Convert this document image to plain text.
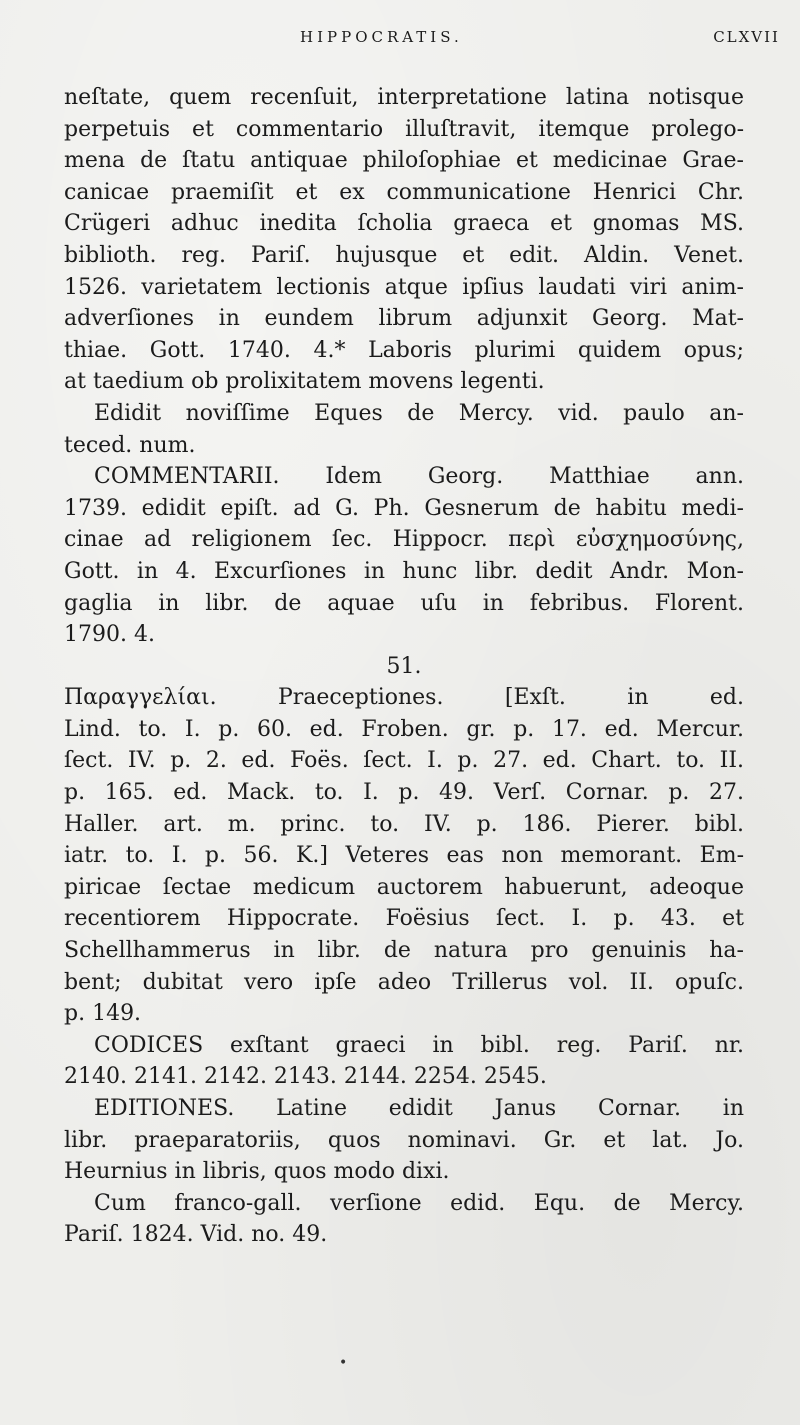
HIPPOCRATIS.	CLXVII
neſtate, quem recenſuit, interpretatione latina notisque
perpetuis et commentario illuſtravit, itemque prolego-
mena de ſtatu antiquae philoſophiae et medicinae Grae-
canicae praemiſit et ex communicatione Henrici Chr.
Crügeri adhuc inedita ſcholia graeca et gnomas MS.
biblioth. reg. Pariſ. hujusque et edit. Aldin. Venet.
1526. varietatem lectionis atque ipſius laudati viri anim-
adverſiones in eundem librum adjunxit Georg. Mat-
thiae. Gott. 1740. 4.* Laboris plurimi quidem opus;
at taedium ob prolixitatem movens legenti.
Edidit noviſſime Eques de Mercy. vid. paulo an-
teced. num.
COMMENTARII. Idem Georg. Matthiae ann.
1739. edidit epiſt. ad G. Ph. Gesnerum de habitu medi-
cinae ad religionem ſec. Hippocr. περὶ εὐσχημοσύνης,
Gott. in 4. Excurſiones in hunc libr. dedit Andr. Mon-
gaglia in libr. de aquae uſu in febribus. Florent.
1790. 4.
51.
Παραγγελίαι. Praeceptiones. [Exſt. in ed.
Lind. to. I. p. 60. ed. Froben. gr. p. 17. ed. Mercur.
ſect. IV. p. 2. ed. Foës. ſect. I. p. 27. ed. Chart. to. II.
p. 165. ed. Mack. to. I. p. 49. Verſ. Cornar. p. 27.
Haller. art. m. princ. to. IV. p. 186. Pierer. bibl.
iatr. to. I. p. 56. K.] Veteres eas non memorant. Em-
piricae ſectae medicum auctorem habuerunt, adeoque
recentiorem Hippocrate. Foësius ſect. I. p. 43. et
Schellhammerus in libr. de natura pro genuinis ha-
bent; dubitat vero ipſe adeo Trillerus vol. II. opuſc.
p. 149.
CODICES exſtant graeci in bibl. reg. Pariſ. nr.
2140. 2141. 2142. 2143. 2144. 2254. 2545.
EDITIONES. Latine edidit Janus Cornar. in
libr. praeparatoriis, quos nominavi. Gr. et lat. Jo.
Heurnius in libris, quos modo dixi.
Cum franco-gall. verſione edid. Equ. de Mercy.
Pariſ. 1824. Vid. no. 49.
•
